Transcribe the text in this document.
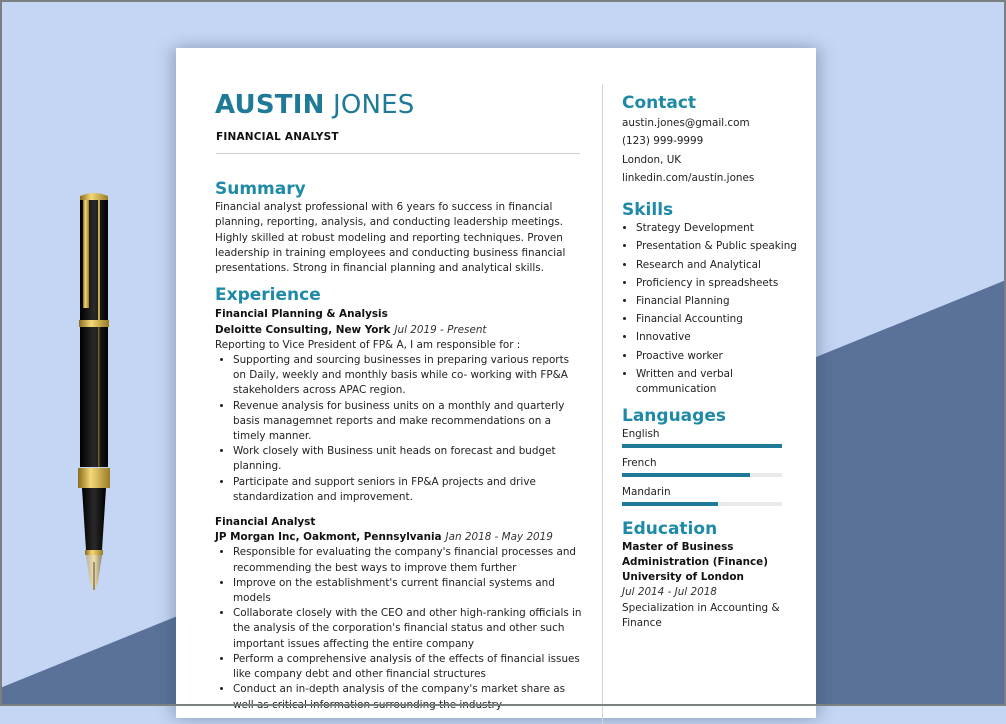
AUSTIN JONES
FINANCIAL ANALYST
Summary

Financial analyst professional with 6 years fo success in financial planning, reporting, analysis, and conducting leadership meetings. Highly skilled at robust modeling and reporting techniques. Proven leadership in training employees and conducting business financial presentations. Strong in financial planning and analytical skills.

Experience
Financial Planning & Analysis
Deloitte Consulting, New York Jul 2019 - Present
Reporting to Vice President of FP& A, I am responsible for :
• Supporting and sourcing businesses in preparing various reports on Daily, weekly and monthly basis while co- working with FP&A stakeholders across APAC region.
• Revenue analysis for business units on a monthly and quarterly basis managemnet reports and make recommendations on a timely manner.
• Work closely with Business unit heads on forecast and budget planning.
• Participate and support seniors in FP&A projects and drive standardization and improvement.
Financial Analyst
JP Morgan Inc, Oakmont, Pennsylvania Jan 2018 - May 2019
• Responsible for evaluating the company's financial processes and recommending the best ways to improve them further
• Improve on the establishment's current financial systems and models
• Collaborate closely with the CEO and other high-ranking officials in the analysis of the corporation's financial status and other such important issues affecting the entire company
• Perform a comprehensive analysis of the effects of financial issues like company debt and other financial structures
• Conduct an in-depth analysis of the company's market share as well as critical information surrounding the industry
Contact
austin.jones@gmail.com
(123) 999-9999
London, UK
linkedin.com/austin.jones
Skills
• Strategy Development
• Presentation & Public speaking
• Research and Analytical
• Proficiency in spreadsheets
• Financial Planning
• Financial Accounting
• Innovative
• Proactive worker
• Written and verbal communication
Languages
English
French
Mandarin
Education
Master of Business Administration (Finance)
University of London
Jul 2014 - Jul 2018
Specialization in Accounting & Finance
